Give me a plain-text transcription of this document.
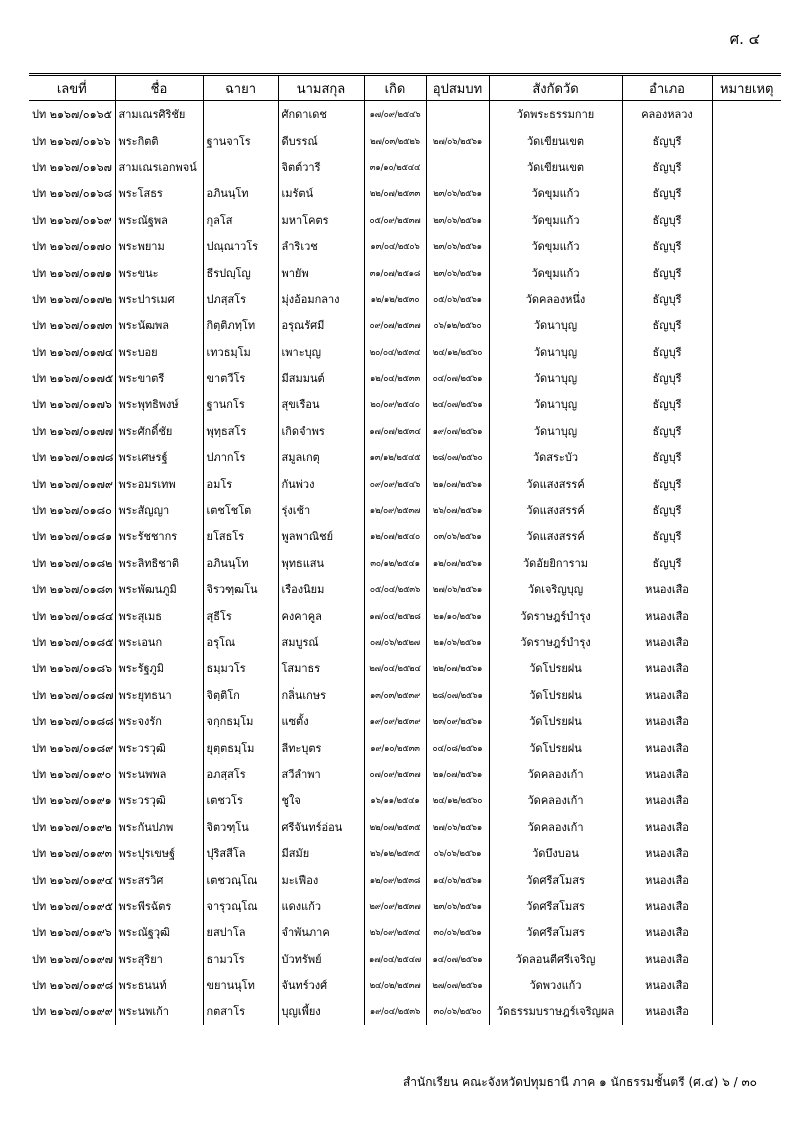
ศ. ๔
เลขที่	ชื่อ	ฉายา	นามสกุล	เกิด	อุปสมบท	สังกัดวัด	อำเภอ	หมายเหตุ
ปท ๒๑๖๗/๐๑๖๕	สามเณรศิริชัย		ศักดาเดช	๑๗/๐๙/๒๕๔๖		วัดพระธรรมกาย	คลองหลวง	
ปท ๒๑๖๗/๐๑๖๖	พระกิตติ	ฐานจาโร	ดีบรรณ์	๒๗/๐๓/๒๕๒๖	๒๗/๐๖/๒๕๖๑	วัดเขียนเขต	ธัญบุรี	
ปท ๒๑๖๗/๐๑๖๗	สามเณรเอกพจน์		จิตต์วารี	๓๑/๑๐/๒๕๔๔		วัดเขียนเขต	ธัญบุรี	
ปท ๒๑๖๗/๐๑๖๘	พระโสธร	อภินนฺโท	เมรัตน์	๒๒/๐๗/๒๕๓๓	๒๓/๐๖/๒๕๖๑	วัดขุมแก้ว	ธัญบุรี	
ปท ๒๑๖๗/๐๑๖๙	พระณัฐพล	กุลโส	มหาโคตร	๐๕/๐๙/๒๕๓๗	๒๓/๐๖/๒๕๖๑	วัดขุมแก้ว	ธัญบุรี	
ปท ๒๑๖๗/๐๑๗๐	พระพยาม	ปณฺณาวโร	ลำริเวช	๑๓/๐๔/๒๕๐๖	๒๓/๐๖/๒๕๖๑	วัดขุมแก้ว	ธัญบุรี	
ปท ๒๑๖๗/๐๑๗๑	พระขนะ	ธีรปญฺโญ	พายัพ	๓๑/๐๗/๒๕๑๘	๒๓/๐๖/๒๕๖๑	วัดขุมแก้ว	ธัญบุรี	
ปท ๒๑๖๗/๐๑๗๒	พระปารเมศ	ปภสฺสโร	มุ่งอ้อมกลาง	๑๒/๑๒/๒๕๓๐	๐๕/๐๖/๒๕๖๑	วัดคลองหนึ่ง	ธัญบุรี	
ปท ๒๑๖๗/๐๑๗๓	พระนัฒพล	กิตฺติภทฺโท	อรุณรัศมี	๐๙/๐๗/๒๕๓๗	๐๖/๑๒/๒๕๖๐	วัดนาบุญ	ธัญบุรี	
ปท ๒๑๖๗/๐๑๗๔	พระบอย	เทวธมฺโม	เพาะบุญ	๒๐/๐๔/๒๕๓๔	๒๔/๑๒/๒๕๖๐	วัดนาบุญ	ธัญบุรี	
ปท ๒๑๖๗/๐๑๗๕	พระขาตรี	ขาตวีโร	มีสมมนต์	๑๒/๐๔/๒๕๓๓	๐๔/๐๗/๒๕๖๑	วัดนาบุญ	ธัญบุรี	
ปท ๒๑๖๗/๐๑๗๖	พระพุทธิพงษ์	ฐานกโร	สุขเรือน	๒๐/๐๙/๒๕๔๐	๒๔/๐๗/๒๕๖๑	วัดนาบุญ	ธัญบุรี	
ปท ๒๑๖๗/๐๑๗๗	พระศักดิ์ชัย	พุทฺธสโร	เกิดจำพร	๑๗/๐๗/๒๕๓๔	๑๙/๐๗/๒๕๖๑	วัดนาบุญ	ธัญบุรี	
ปท ๒๑๖๗/๐๑๗๘	พระเศษรฐ์	ปภากโร	สมูลเกตุ	๑๓/๑๒/๒๕๔๕	๒๘/๐๗/๒๕๖๐	วัดสระบัว	ธัญบุรี	
ปท ๒๑๖๗/๐๑๗๙	พระอมรเทพ	อมโร	กันพ่วง	๐๙/๐๙/๒๕๔๖	๒๑/๐๗/๒๕๖๑	วัดแสงสรรค์	ธัญบุรี	
ปท ๒๑๖๗/๐๑๘๐	พระสัญญา	เตชโชโต	รุ่งเช้า	๑๒/๐๙/๒๕๓๗	๒๖/๐๗/๒๕๖๑	วัดแสงสรรค์	ธัญบุรี	
ปท ๒๑๖๗/๐๑๘๑	พระรัชชากร	ยโสธโร	พูลพาณิชย์	๑๒/๐๗/๒๕๔๐	๐๓/๐๖/๒๕๖๑	วัดแสงสรรค์	ธัญบุรี	
ปท ๒๑๖๗/๐๑๘๒	พระลิทธิชาติ	อภินนฺโท	พุทธแสน	๓๐/๑๒/๒๕๔๑	๑๒/๐๗/๒๕๖๑	วัดอัยยิการาม	ธัญบุรี	
ปท ๒๑๖๗/๐๑๘๓	พระพัฒนภูมิ	จิรวฑฺฒโน	เรืองนิยม	๐๕/๐๔/๒๕๓๖	๒๗/๐๖/๒๕๖๑	วัดเจริญบุญ	หนองเสือ	
ปท ๒๑๖๗/๐๑๘๔	พระสุเมธ	สุธีโร	คงคาคูล	๑๗/๐๔/๒๕๒๘	๒๑/๑๐/๒๕๖๑	วัดราษฎร์บำรุง	หนองเสือ	
ปท ๒๑๖๗/๐๑๘๕	พระเอนก	อรุโณ	สมบูรณ์	๐๗/๐๖/๒๕๒๗	๒๑/๐๖/๒๕๖๑	วัดราษฎร์บำรุง	หนองเสือ	
ปท ๒๑๖๗/๐๑๘๖	พระรัฐภูมิ	ธมฺมวโร	โสมาธร	๒๗/๐๔/๒๕๒๔	๒๒/๐๗/๒๕๖๑	วัดโปรยฝน	หนองเสือ	
ปท ๒๑๖๗/๐๑๘๗	พระยุทธนา	จิตฺติโก	กลิ่นเกษร	๑๓/๐๓/๒๕๓๙	๒๘/๐๗/๒๕๖๑	วัดโปรยฝน	หนองเสือ	
ปท ๒๑๖๗/๐๑๘๘	พระจงรัก	จกฺกธมฺโม	แซตั้ง	๑๙/๐๙/๒๕๓๙	๒๓/๐๙/๒๕๖๑	วัดโปรยฝน	หนองเสือ	
ปท ๒๑๖๗/๐๑๘๙	พระวรวุฒิ	ยุตฺตธมฺโม	ลีทะบุตร	๑๙/๑๐/๒๕๓๓	๐๔/๐๘/๒๕๖๑	วัดโปรยฝน	หนองเสือ	
ปท ๒๑๖๗/๐๑๙๐	พระนพพล	อภสฺสโร	สวีลำพา	๐๗/๐๙/๒๕๓๗	๒๑/๐๗/๒๕๖๑	วัดคลองเก้า	หนองเสือ	
ปท ๒๑๖๗/๐๑๙๑	พระวรวุฒิ	เตชวโร	ชูใจ	๑๖/๑๑/๒๕๔๑	๒๔/๑๒/๒๕๖๐	วัดคลองเก้า	หนองเสือ	
ปท ๒๑๖๗/๐๑๙๒	พระกันปภพ	จิตวฑฺโน	ศรีจันทร์อ่อน	๒๒/๐๗/๒๕๓๕	๒๗/๐๖/๒๕๖๑	วัดคลองเก้า	หนองเสือ	
ปท ๒๑๖๗/๐๑๙๓	พระปุรเขษฐ์	ปุริสสีโล	มีสมัย	๒๖/๑๒/๒๕๓๕	๐๖/๐๖/๒๕๖๑	วัดบึงบอน	หนองเสือ	
ปท ๒๑๖๗/๐๑๙๔	พระสรวิศ	เตชวณฺโณ	มะเฟือง	๑๒/๐๙/๒๕๓๘	๑๔/๐๖/๒๕๖๑	วัดศรีสโมสร	หนองเสือ	
ปท ๒๑๖๗/๐๑๙๕	พระพีรฉัตร	จารุวณฺโณ	แดงแก้ว	๒๙/๐๙/๒๕๓๗	๒๓/๐๖/๒๕๖๑	วัดศรีสโมสร	หนองเสือ	
ปท ๒๑๖๗/๐๑๙๖	พระณัฐวุฒิ	ยสปาโล	จำพันภาค	๒๖/๐๙/๒๕๓๔	๓๐/๐๖/๒๕๖๑	วัดศรีสโมสร	หนองเสือ	
ปท ๒๑๖๗/๐๑๙๗	พระสุริยา	ธามวโร	บัวทรัพย์	๑๗/๐๔/๒๕๔๗	๑๔/๐๗/๒๕๖๑	วัดลอนตีศรีเจริญ	หนองเสือ	
ปท ๒๑๖๗/๐๑๙๘	พระธนนท์	ขยานนุโท	จันทร์วงศ์	๒๔/๐๒/๒๕๓๗	๒๗/๐๗/๒๕๖๑	วัดพวงแก้ว	หนองเสือ	
ปท ๒๑๖๗/๐๑๙๙	พระนพเก้า	กตสาโร	บุญเพี้ยง	๑๙/๐๔/๒๕๓๖	๓๐/๐๖/๒๕๖๐	วัดธรรมบราษฎร์เจริญผล	หนองเสือ	
สำนักเรียน คณะจังหวัดปทุมธานี ภาค ๑ นักธรรมชั้นตรี (ศ.๔) ๖ / ๓๐
